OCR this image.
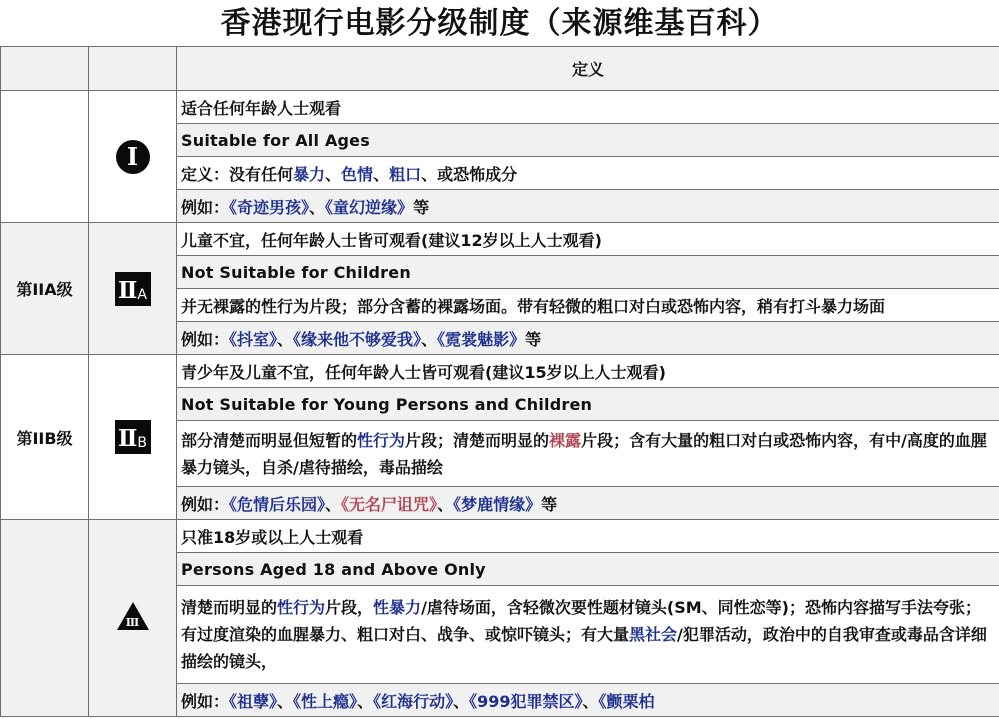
香港现行电影分级制度（来源维基百科）
		定义
	Ⅰ	适合任何年龄人士观看
		Suitable for All Ages
		定义：没有任何暴力、色情、粗口、或恐怖成分
		例如：《奇迹男孩》、《童幻逆缘》等
第IIA级	Ⅱ A	儿童不宜，任何年龄人士皆可观看(建议12岁以上人士观看)
		Not Suitable for Children
		并无裸露的性行为片段；部分含蓄的裸露场面。带有轻微的粗口对白或恐怖内容，稍有打斗暴力场面
		例如：《抖室》、《缘来他不够爱我》、《霓裳魅影》等
第IIB级	Ⅱ B	青少年及儿童不宜，任何年龄人士皆可观看(建议15岁以上人士观看)
		Not Suitable for Young Persons and Children
		部分清楚而明显但短暂的性行为片段；清楚而明显的裸露片段；含有大量的粗口对白或恐怖内容，有中/高度的血腥暴力镜头，自杀/虐待描绘，毒品描绘
		例如：《危情后乐园》、《无名尸诅咒》、《梦鹿情缘》等

	Ⅲ	只准18岁或以上人士观看
		Persons Aged 18 and Above Only
		清楚而明显的性行为片段，性暴力/虐待场面，含轻微次要性题材镜头(SM、同性恋等)；恐怖内容描写手法夸张；有过度渲染的血腥暴力、粗口对白、战争、或惊吓镜头；有大量黑社会/犯罪活动，政治中的自我审查或毒品含详细描绘的镜头，
		例如：《祖孽》、《性上瘾》、《红海行动》、《999犯罪禁区》、《颤栗柏
